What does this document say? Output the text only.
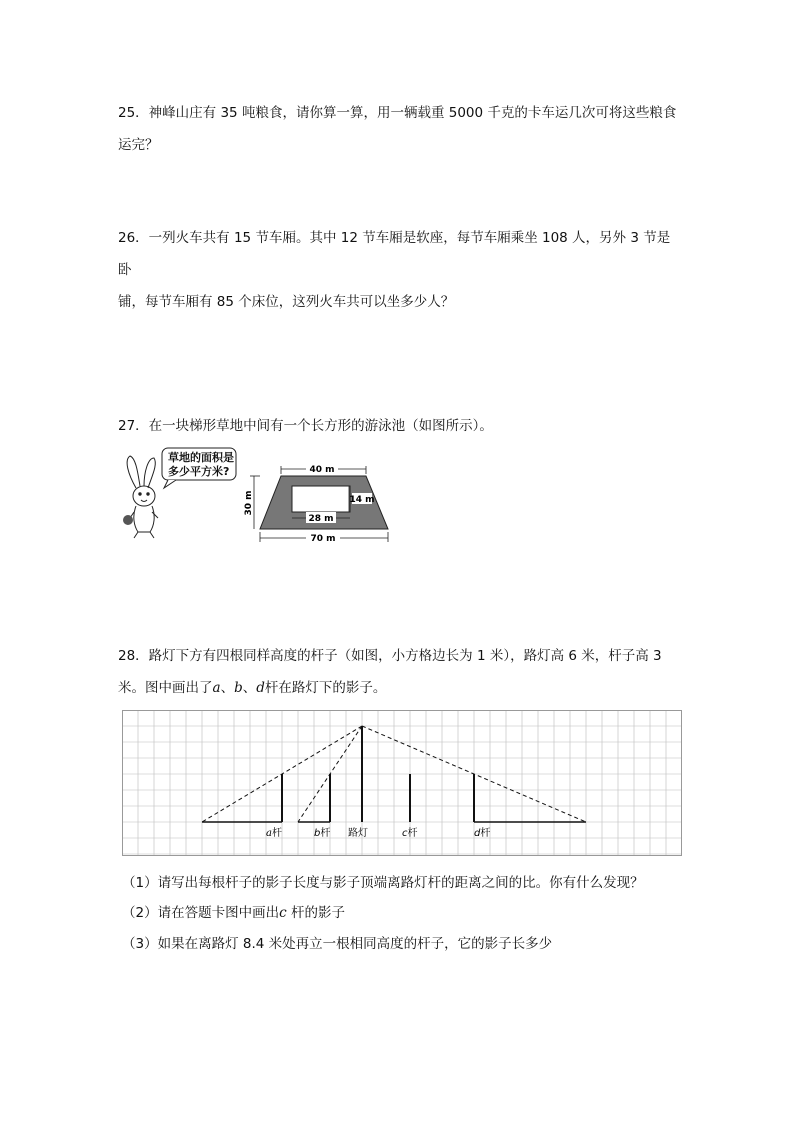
25．神峰山庄有 35 吨粮食，请你算一算，用一辆载重 5000 千克的卡车运几次可将这些粮食
运完？
26．一列火车共有 15 节车厢。其中 12 节车厢是软座，每节车厢乘坐 108 人，另外 3 节是卧
铺，每节车厢有 85 个床位，这列火车共可以坐多少人？
27．在一块梯形草地中间有一个长方形的游泳池（如图所示）。
草地的面积是
多少平方米?	40 m
30 m	14 m
28 m
70 m
28．路灯下方有四根同样高度的杆子（如图，小方格边长为 1 米），路灯高 6 米，杆子高 3
米。图中画出了a、b、d杆在路灯下的影子。
a杆	b杆 路灯	c杆	d杆
（1）请写出每根杆子的影子长度与影子顶端离路灯杆的距离之间的比。你有什么发现？
（2）请在答题卡图中画出c 杆的影子
（3）如果在离路灯 8.4 米处再立一根相同高度的杆子，它的影子长多少
